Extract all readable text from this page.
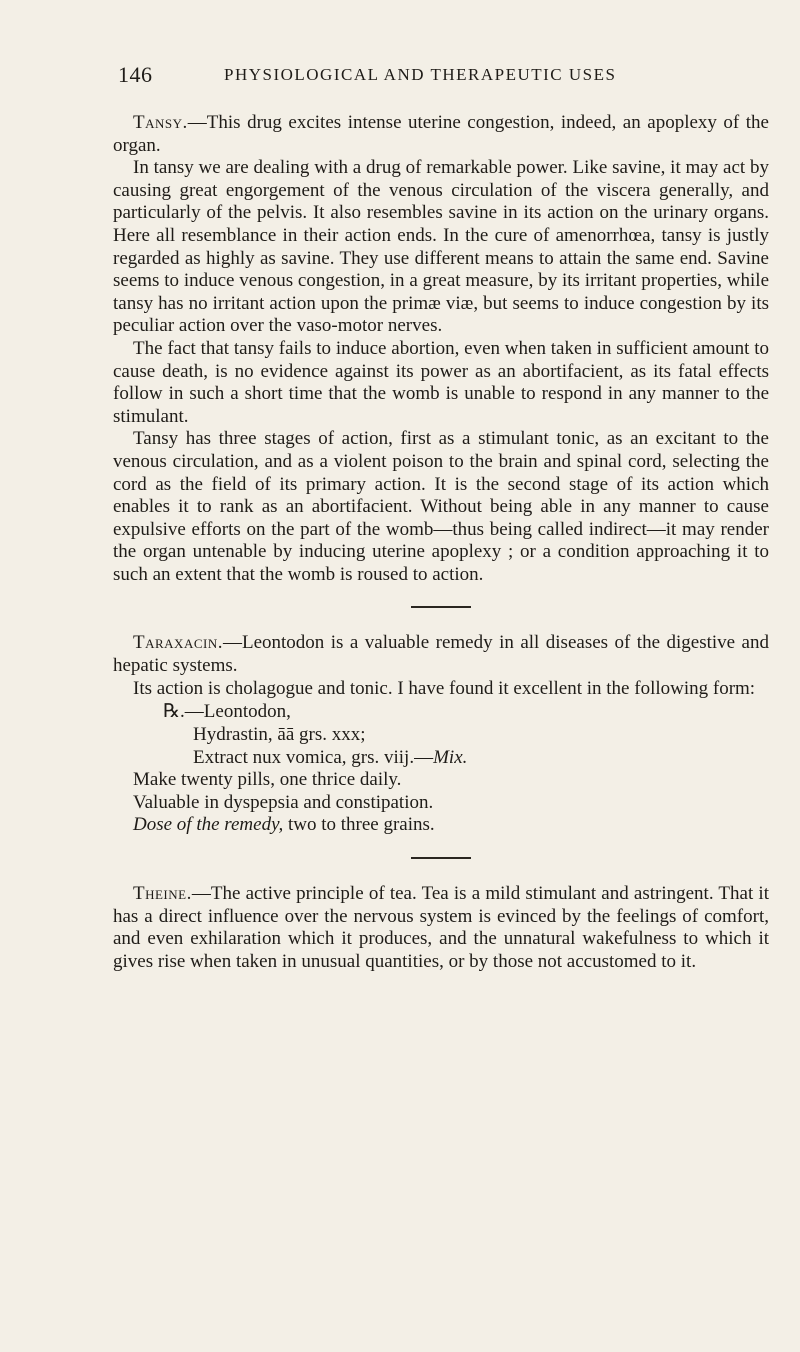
146	PHYSIOLOGICAL AND THERAPEUTIC USES

Tansy.—This drug excites intense uterine congestion, indeed, an apoplexy of the organ.

In tansy we are dealing with a drug of remarkable power. Like savine, it may act by causing great engorgement of the venous circulation of the viscera generally, and particularly of the pelvis. It also resembles savine in its action on the urinary organs. Here all resemblance in their action ends. In the cure of amenorrhœa, tansy is justly regarded as highly as savine. They use different means to attain the same end. Savine seems to induce venous congestion, in a great measure, by its irritant properties, while tansy has no irritant action upon the primæ viæ, but seems to induce congestion by its peculiar action over the vaso-motor nerves.

The fact that tansy fails to induce abortion, even when taken in sufficient amount to cause death, is no evidence against its power as an abortifacient, as its fatal effects follow in such a short time that the womb is unable to respond in any manner to the stimulant.

Tansy has three stages of action, first as a stimulant tonic, as an excitant to the venous circulation, and as a violent poison to the brain and spinal cord, selecting the cord as the field of its primary action. It is the second stage of its action which enables it to rank as an abortifacient. Without being able in any manner to cause expulsive efforts on the part of the womb—thus being called indirect—it may render the organ untenable by inducing uterine apoplexy ; or a condition approaching it to such an extent that the womb is roused to action.

Taraxacin.—Leontodon is a valuable remedy in all diseases of the digestive and hepatic systems.

Its action is cholagogue and tonic. I have found it excellent in the following form:

℞.—Leontodon,
Hydrastin, āā grs. xxx;
Extract nux vomica, grs. viij.—Mix.

Make twenty pills, one thrice daily.

Valuable in dyspepsia and constipation.

Dose of the remedy, two to three grains.

Theine.—The active principle of tea. Tea is a mild stimulant and astringent. That it has a direct influence over the nervous system is evinced by the feelings of comfort, and even exhilaration which it produces, and the unnatural wakefulness to which it gives rise when taken in unusual quantities, or by those not accustomed to it.
